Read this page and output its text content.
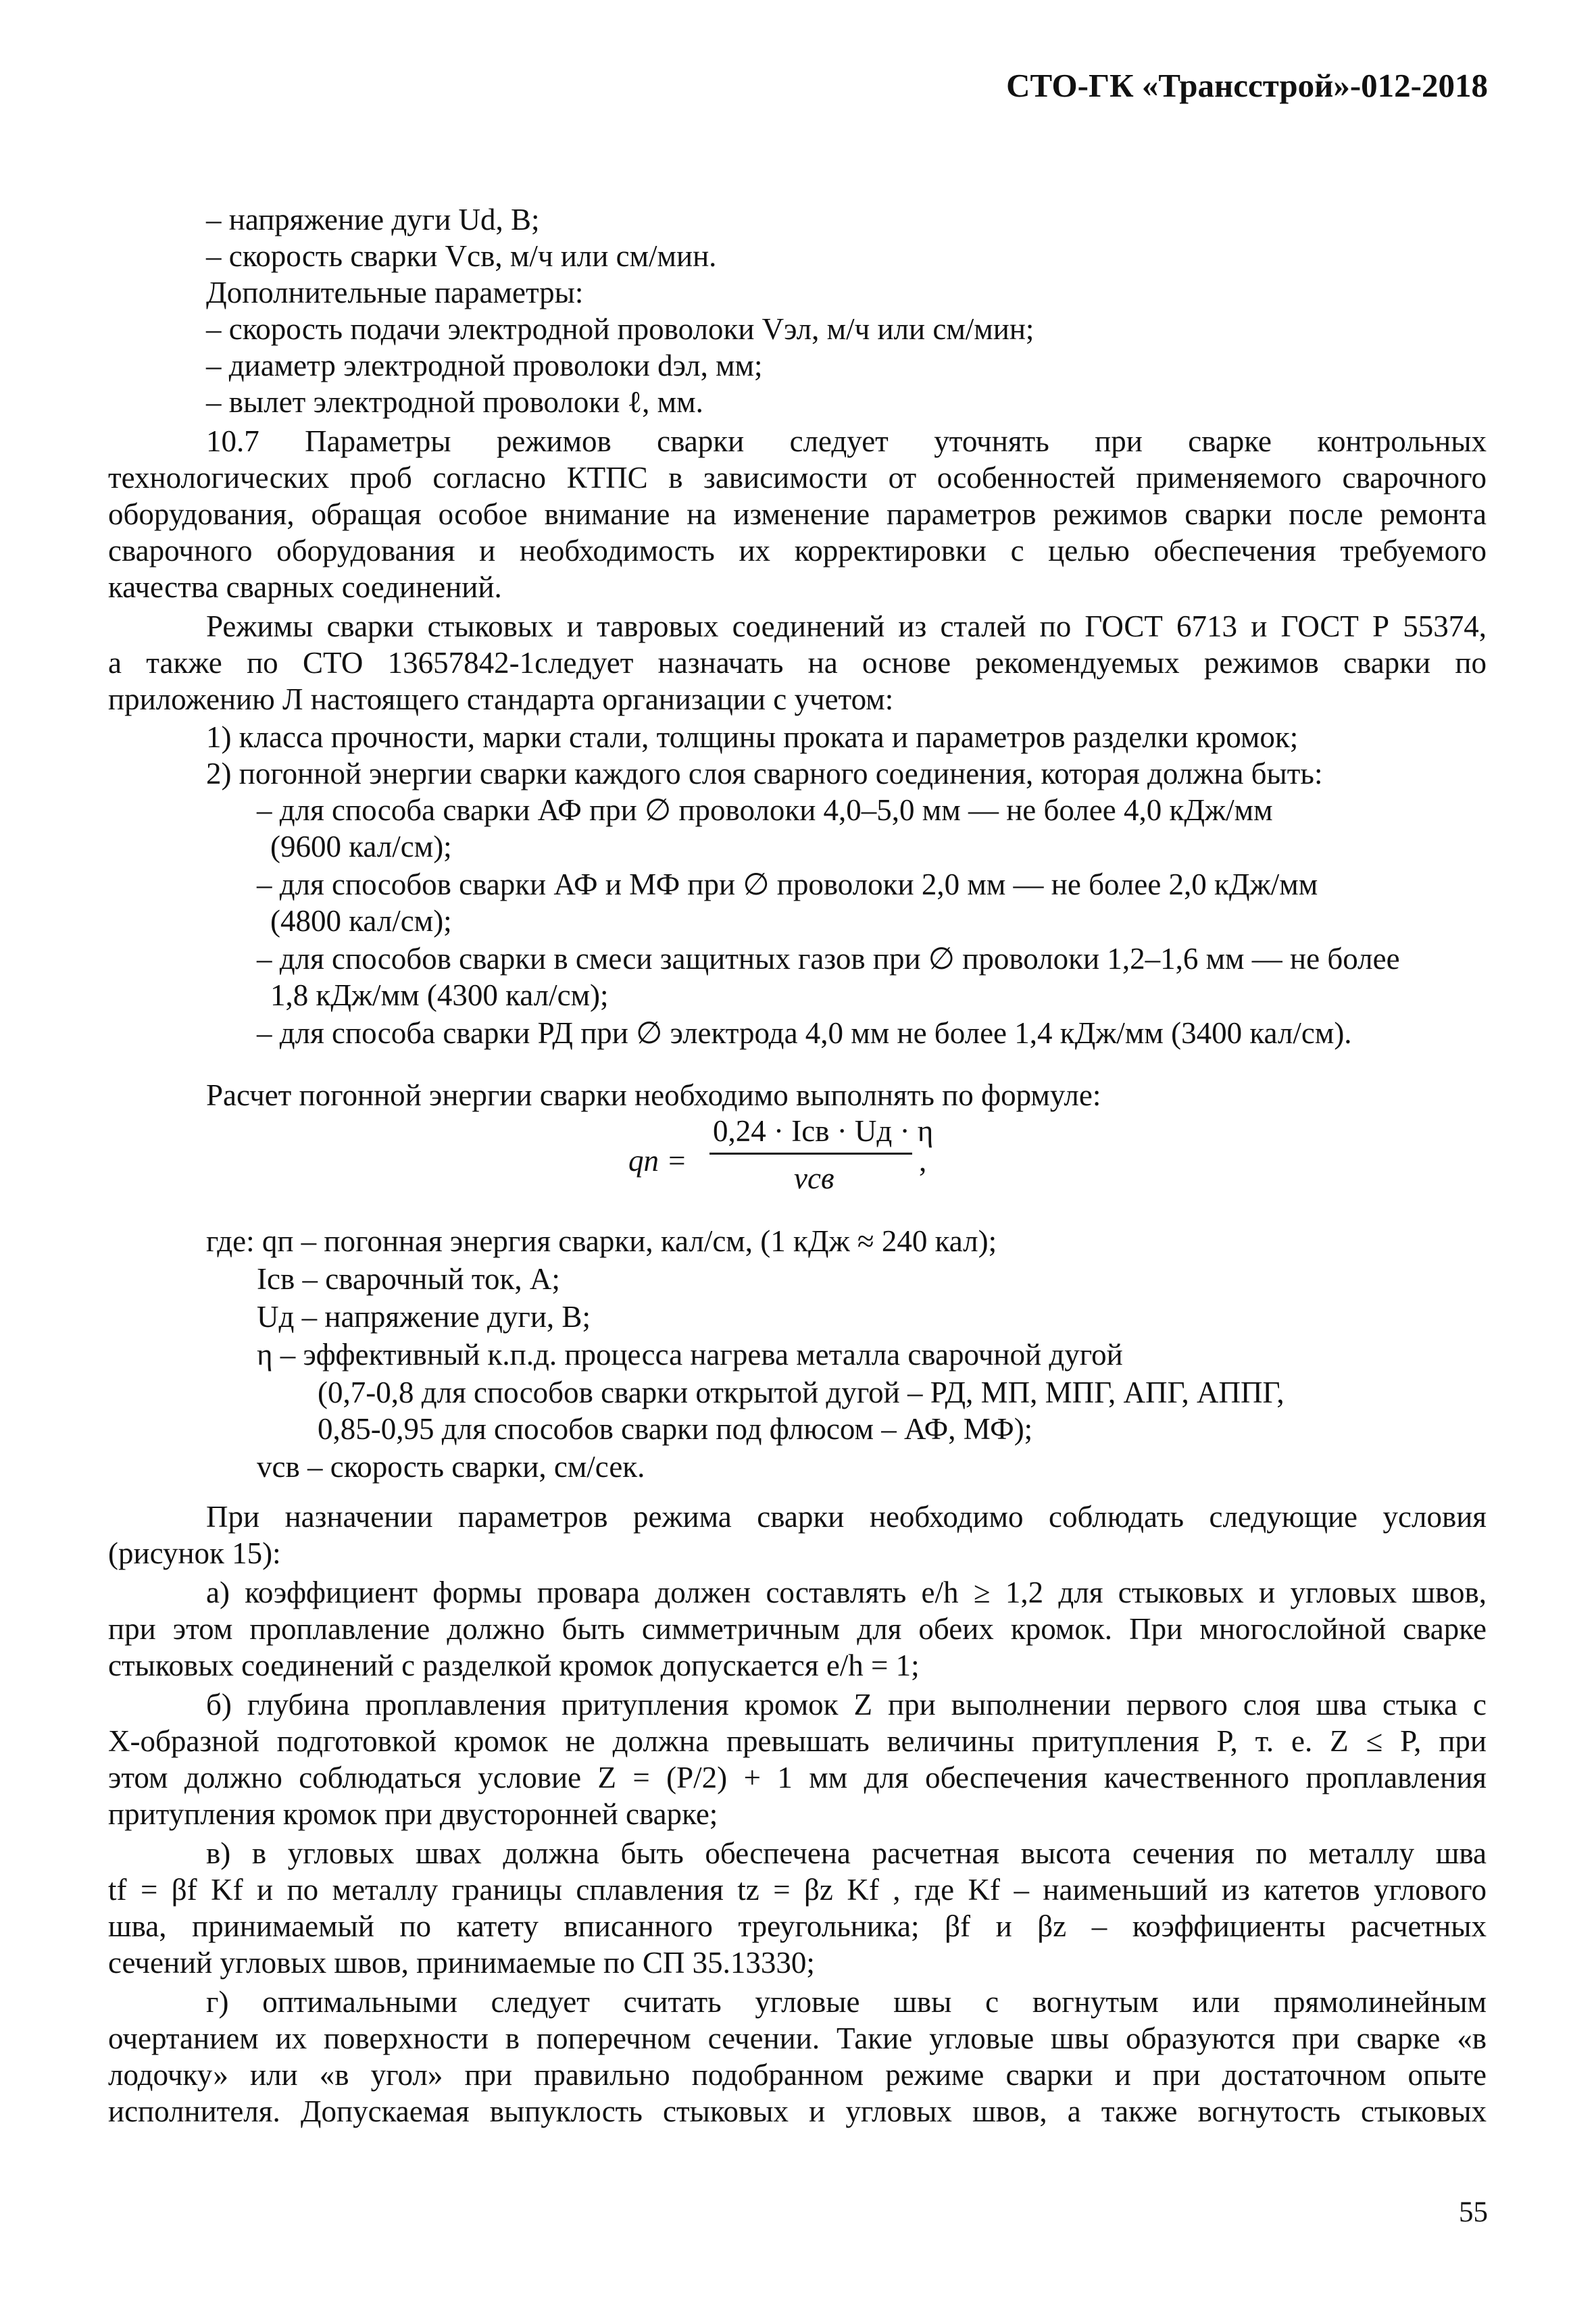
СТО-ГК «Трансстрой»-012-2018
– напряжение дуги Ud, В;
– скорость сварки Vсв, м/ч или см/мин.
Дополнительные параметры:
– скорость подачи электродной проволоки Vэл, м/ч или см/мин;
– диаметр электродной проволоки dэл, мм;
– вылет электродной проволоки ℓ, мм.
10.7 Параметры режимов сварки следует уточнять при сварке контрольных
технологических проб согласно КТПС в зависимости от особенностей применяемого сварочного
оборудования, обращая особое внимание на изменение параметров режимов сварки после ремонта
сварочного оборудования и необходимость их корректировки с целью обеспечения требуемого
качества сварных соединений.
Режимы сварки стыковых и тавровых соединений из сталей по ГОСТ 6713 и ГОСТ Р 55374,
а также по СТО 13657842-1следует назначать на основе рекомендуемых режимов сварки по
приложению Л настоящего стандарта организации с учетом:
1) класса прочности, марки стали, толщины проката и параметров разделки кромок;
2) погонной энергии сварки каждого слоя сварного соединения, которая должна быть:
– для способа сварки АФ при ∅ проволоки 4,0–5,0 мм — не более 4,0 кДж/мм
(9600 кал/см);
– для способов сварки АФ и МФ при ∅ проволоки 2,0 мм — не более 2,0 кДж/мм
(4800 кал/см);
– для способов сварки в смеси защитных газов при ∅ проволоки 1,2–1,6 мм — не более
1,8 кДж/мм (4300 кал/см);
– для способа сварки РД при ∅ электрода 4,0 мм не более 1,4 кДж/мм (3400 кал/см).
Расчет погонной энергии сварки необходимо выполнять по формуле:
qп =
0,24 · Iсв · Uд · η
vсв
,
где: qп – погонная энергия сварки, кал/см, (1 кДж ≈ 240 кал);
Iсв – сварочный ток, A;
Uд – напряжение дуги, B;
η – эффективный к.п.д. процесса нагрева металла сварочной дугой
(0,7-0,8 для способов сварки открытой дугой – РД, МП, МПГ, АПГ, АППГ,
0,85-0,95 для способов сварки под флюсом – АФ, МФ);
vсв – скорость сварки, см/сек.
При назначении параметров режима сварки необходимо соблюдать следующие условия
(рисунок 15):
а) коэффициент формы провара должен составлять e/h ≥ 1,2 для стыковых и угловых швов,
при этом проплавление должно быть симметричным для обеих кромок. При многослойной сварке
стыковых соединений с разделкой кромок допускается e/h = 1;
б) глубина проплавления притупления кромок Z при выполнении первого слоя шва стыка с
Х-образной подготовкой кромок не должна превышать величины притупления P, т. е. Z ≤ P, при
этом должно соблюдаться условие Z = (P/2) + 1 мм для обеспечения качественного проплавления
притупления кромок при двусторонней сварке;
в) в угловых швах должна быть обеспечена расчетная высота сечения по металлу шва
tf = βf Kf и по металлу границы сплавления tz = βz Kf , где Kf – наименьший из катетов углового
шва, принимаемый по катету вписанного треугольника; βf и βz – коэффициенты расчетных
сечений угловых швов, принимаемые по СП 35.13330;
г) оптимальными следует считать угловые швы с вогнутым или прямолинейным
очертанием их поверхности в поперечном сечении. Такие угловые швы образуются при сварке «в
лодочку» или «в угол» при правильно подобранном режиме сварки и при достаточном опыте
исполнителя. Допускаемая выпуклость стыковых и угловых швов, а также вогнутость стыковых
55
